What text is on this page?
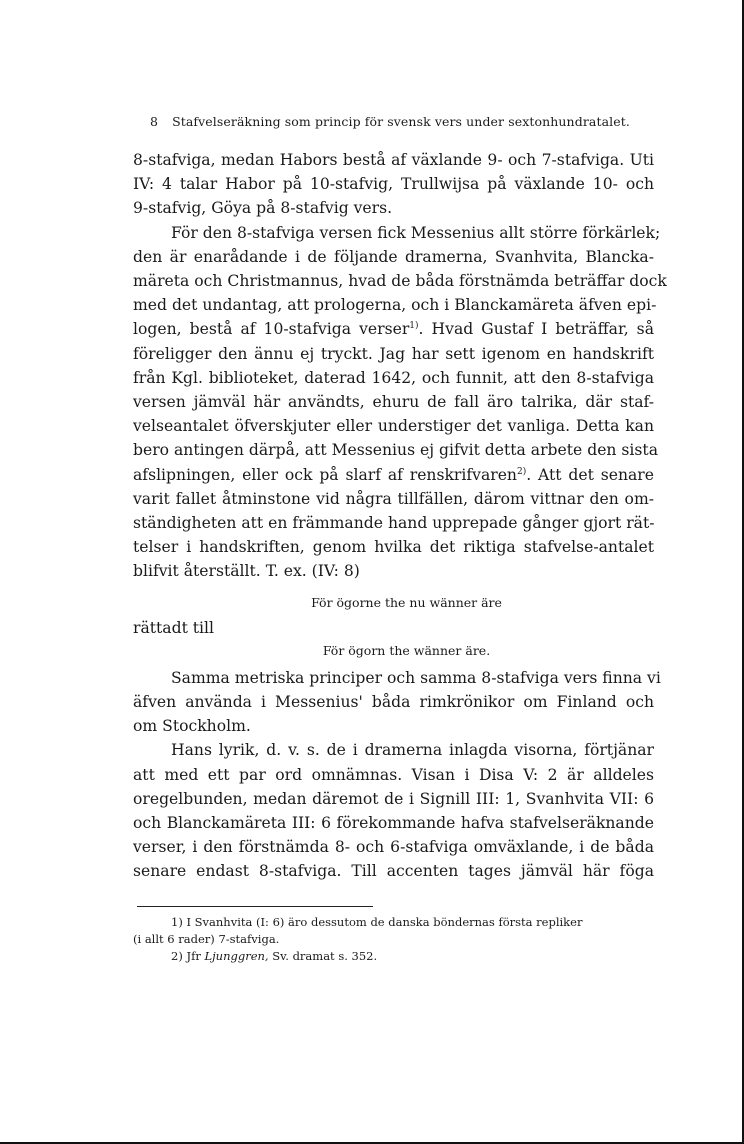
8 Stafvelseräkning som princip för svensk vers under sextonhundratalet.
8-stafviga, medan Habors bestå af växlande 9- och 7-stafviga. Uti
IV: 4 talar Habor på 10-stafvig, Trullwijsa på växlande 10- och
9-stafvig, Göya på 8-stafvig vers.
För den 8-stafviga versen fick Messenius allt större förkärlek;
den är enarådande i de följande dramerna, Svanhvita, Blancka-
märeta och Christmannus, hvad de båda förstnämda beträffar dock
med det undantag, att prologerna, och i Blanckamäreta äfven epi-
logen, bestå af 10-stafviga verser$^{1)}$. Hvad Gustaf I beträffar, så
föreligger den ännu ej tryckt. Jag har sett igenom en handskrift
från Kgl. biblioteket, daterad 1642, och funnit, att den 8-stafviga
versen jämväl här användts, ehuru de fall äro talrika, där staf-
velseantalet öfverskjuter eller understiger det vanliga. Detta kan
bero antingen därpå, att Messenius ej gifvit detta arbete den sista
afslipningen, eller ock på slarf af renskrifvaren$^{2)}$. Att det senare
varit fallet åtminstone vid några tillfällen, därom vittnar den om-
ständigheten att en främmande hand upprepade gånger gjort rät-
telser i handskriften, genom hvilka det riktiga stafvelse-antalet
blifvit återställt. T. ex. (IV: 8)

För ögorne the nu wänner äre

rättadt till

För ögorn the wänner äre.

Samma metriska principer och samma 8-stafviga vers finna vi
äfven använda i Messenius' båda rimkrönikor om Finland och
om Stockholm.
Hans lyrik, d. v. s. de i dramerna inlagda visorna, förtjänar
att med ett par ord omnämnas. Visan i Disa V: 2 är alldeles
oregelbunden, medan däremot de i Signill III: 1, Svanhvita VII: 6
och Blanckamäreta III: 6 förekommande hafva stafvelseräknande
verser, i den förstnämda 8- och 6-stafviga omväxlande, i de båda
senare endast 8-stafviga. Till accenten tages jämväl här föga

1) I Svanhvita (I: 6) äro dessutom de danska böndernas första repliker
(i allt 6 rader) 7-stafviga.

2) Jfr Ljunggren, Sv. dramat s. 352.
